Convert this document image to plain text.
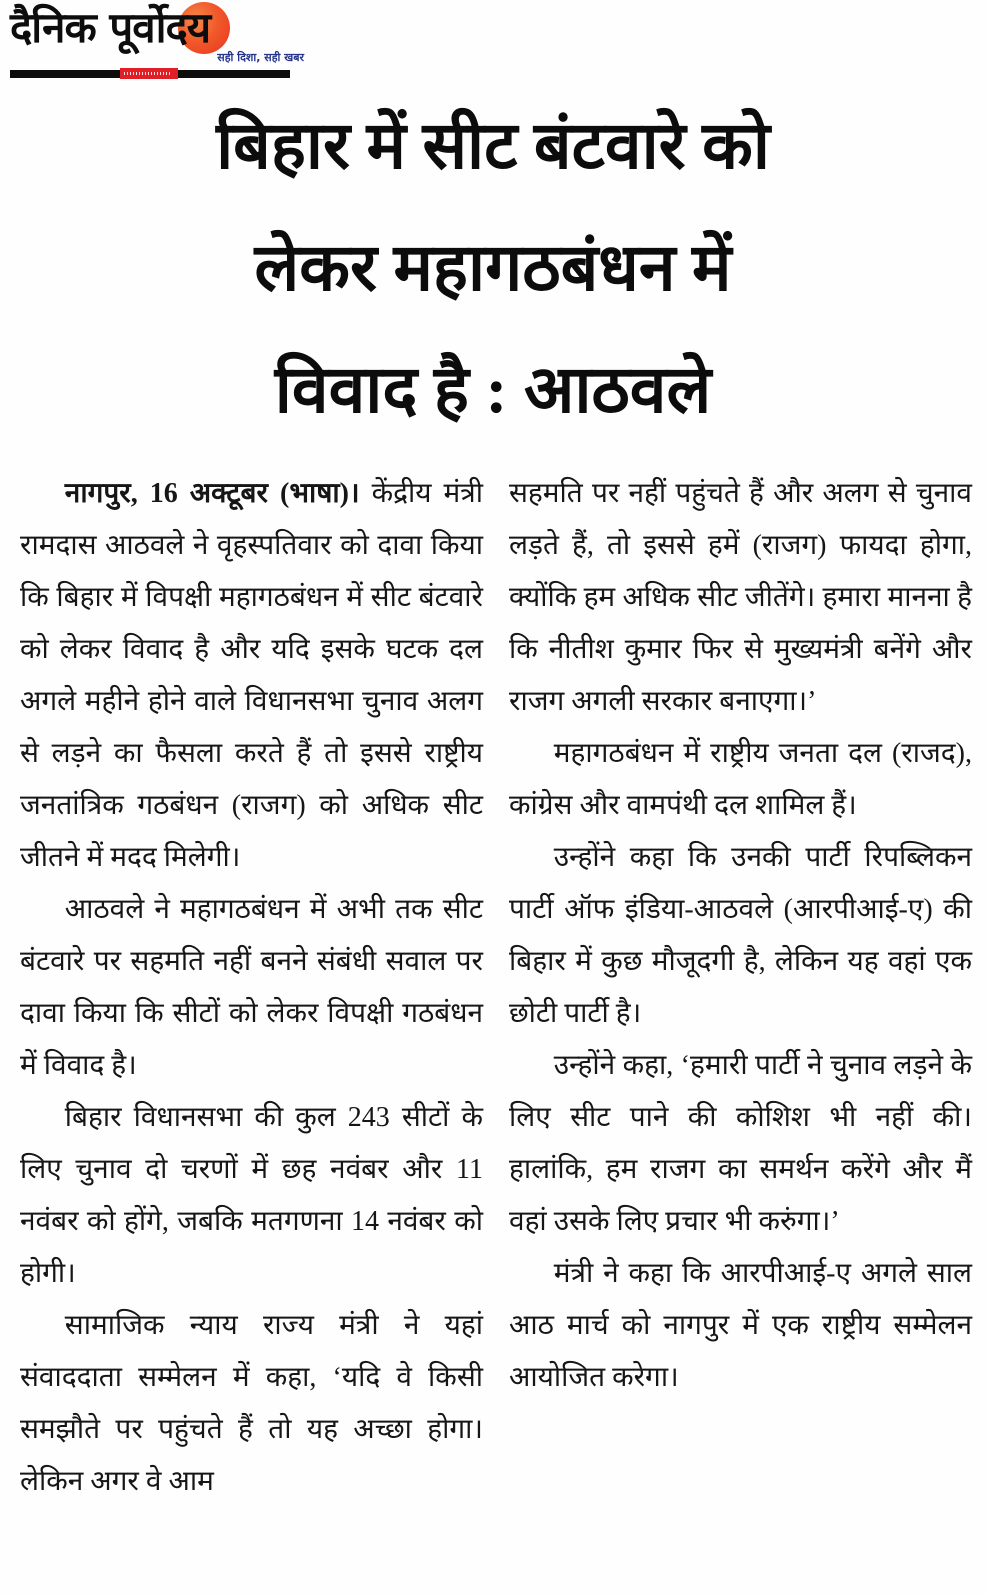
दैनिक पूर्वोदय
सही दिशा, सही खबर
बिहार में सीट बंटवारे को
लेकर महागठबंधन में
विवाद है : आठवले

नागपुर, 16 अक्टूबर (भाषा)। केंद्रीय मंत्री रामदास आठवले ने वृहस्पतिवार को दावा किया कि बिहार में विपक्षी महागठबंधन में सीट बंटवारे को लेकर विवाद है और यदि इसके घटक दल अगले महीने होने वाले विधानसभा चुनाव अलग से लड़ने का फैसला करते हैं तो इससे राष्ट्रीय जनतांत्रिक गठबंधन (राजग) को अधिक सीट जीतने में मदद मिलेगी।

आठवले ने महागठबंधन में अभी तक सीट बंटवारे पर सहमति नहीं बनने संबंधी सवाल पर दावा किया कि सीटों को लेकर विपक्षी गठबंधन में विवाद है।

बिहार विधानसभा की कुल 243 सीटों के लिए चुनाव दो चरणों में छह नवंबर और 11 नवंबर को होंगे, जबकि मतगणना 14 नवंबर को होगी।

सामाजिक न्याय राज्य मंत्री ने यहां संवाददाता सम्मेलन में कहा, ‘यदि वे किसी समझौते पर पहुंचते हैं तो यह अच्छा होगा। लेकिन अगर वे आम

सहमति पर नहीं पहुंचते हैं और अलग से चुनाव लड़ते हैं, तो इससे हमें (राजग) फायदा होगा, क्योंकि हम अधिक सीट जीतेंगे। हमारा मानना है कि नीतीश कुमार फिर से मुख्यमंत्री बनेंगे और राजग अगली सरकार बनाएगा।’

महागठबंधन में राष्ट्रीय जनता दल (राजद), कांग्रेस और वामपंथी दल शामिल हैं।

उन्होंने कहा कि उनकी पार्टी रिपब्लिकन पार्टी ऑफ इंडिया-आठवले (आरपीआई-ए) की बिहार में कुछ मौजूदगी है, लेकिन यह वहां एक छोटी पार्टी है।

उन्होंने कहा, ‘हमारी पार्टी ने चुनाव लड़ने के लिए सीट पाने की कोशिश भी नहीं की। हालांकि, हम राजग का समर्थन करेंगे और मैं वहां उसके लिए प्रचार भी करुंगा।’

मंत्री ने कहा कि आरपीआई-ए अगले साल आठ मार्च को नागपुर में एक राष्ट्रीय सम्मेलन आयोजित करेगा।
